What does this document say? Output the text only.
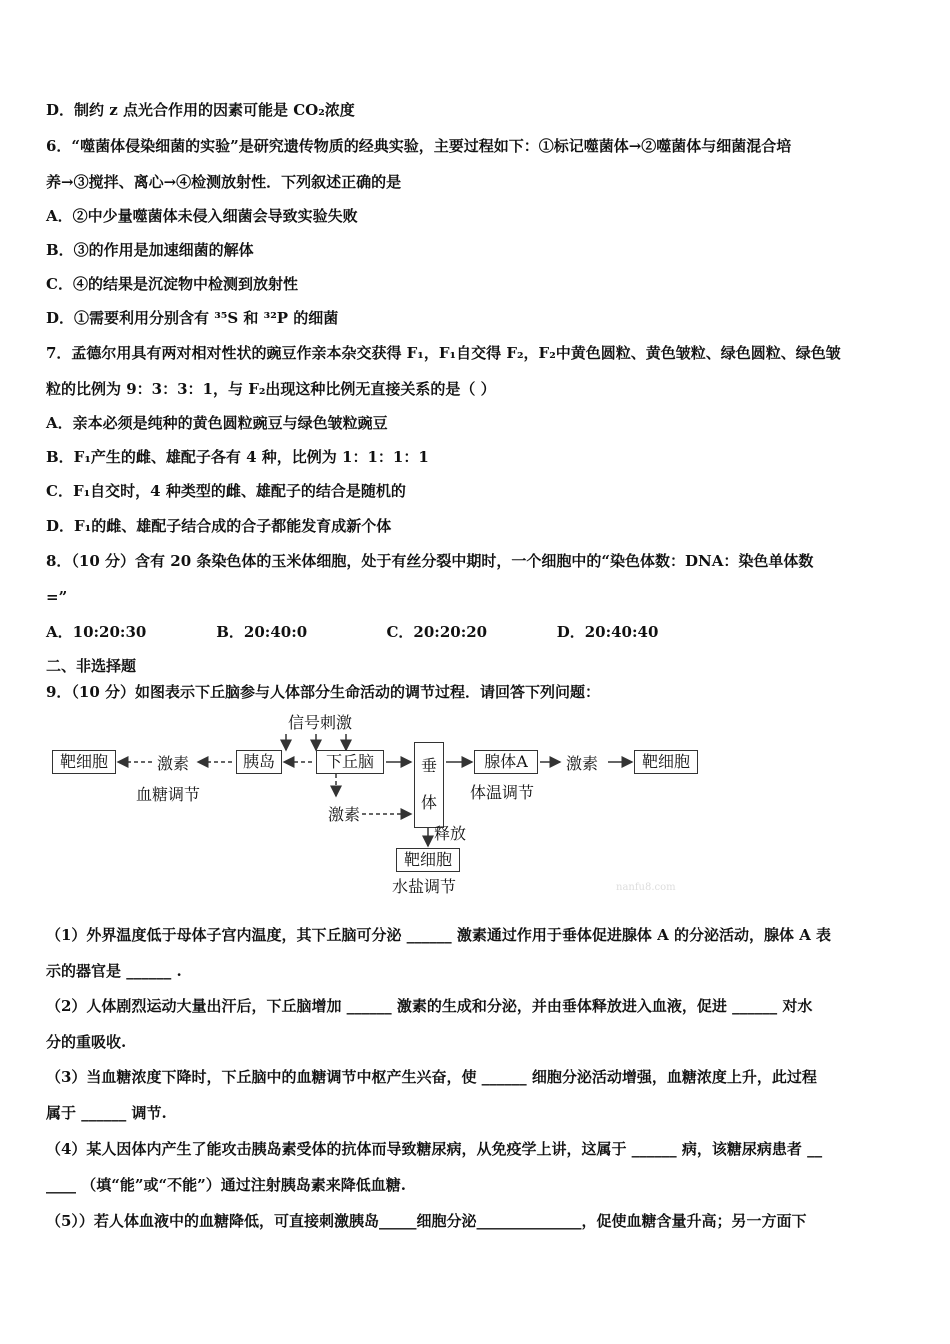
D．制约 z 点光合作用的因素可能是 CO₂浓度
6．“噬菌体侵染细菌的实验”是研究遗传物质的经典实验，主要过程如下：①标记噬菌体→②噬菌体与细菌混合培
养→③搅拌、离心→④检测放射性．下列叙述正确的是
A．②中少量噬菌体未侵入细菌会导致实验失败
B．③的作用是加速细菌的解体
C．④的结果是沉淀物中检测到放射性
D．①需要利用分别含有 ³⁵S 和 ³²P 的细菌
7．孟德尔用具有两对相对性状的豌豆作亲本杂交获得 F₁，F₁自交得 F₂，F₂中黄色圆粒、黄色皱粒、绿色圆粒、绿色皱
粒的比例为 9：3：3：1，与 F₂出现这种比例无直接关系的是（ ）
A．亲本必须是纯种的黄色圆粒豌豆与绿色皱粒豌豆
B．F₁产生的雌、雄配子各有 4 种，比例为 1：1：1：1
C．F₁自交时，4 种类型的雌、雄配子的结合是随机的
D．F₁的雌、雄配子结合成的合子都能发育成新个体
8．（10 分）含有 20 条染色体的玉米体细胞，处于有丝分裂中期时，一个细胞中的“染色体数：DNA：染色单体数
=”
A．10:20:30	B．20:40:0	C．20:20:20	D．20:40:40
二、非选择题
9．（10 分）如图表示下丘脑参与人体部分生命活动的调节过程．请回答下列问题：
信号刺激
靶细胞	激素	胰岛	下丘脑	垂
体
腺体A	激素	靶细胞
血糖调节	体温调节
激素
释放
靶细胞
水盐调节	nanfu8.com
（1）外界温度低于母体子宫内温度，其下丘脑可分泌 ______ 激素通过作用于垂体促进腺体 A 的分泌活动，腺体 A 表
示的器官是 ______ .
（2）人体剧烈运动大量出汗后，下丘脑增加 ______ 激素的生成和分泌，并由垂体释放进入血液，促进 ______ 对水
分的重吸收.
（3）当血糖浓度下降时，下丘脑中的血糖调节中枢产生兴奋，使 ______ 细胞分泌活动增强，血糖浓度上升，此过程
属于 ______ 调节.
（4）某人因体内产生了能攻击胰岛素受体的抗体而导致糖尿病，从免疫学上讲，这属于 ______ 病，该糖尿病患者 __
____ （填“能”或“不能”）通过注射胰岛素来降低血糖.
（5））若人体血液中的血糖降低，可直接刺激胰岛_____细胞分泌______________，促使血糖含量升高；另一方面下
